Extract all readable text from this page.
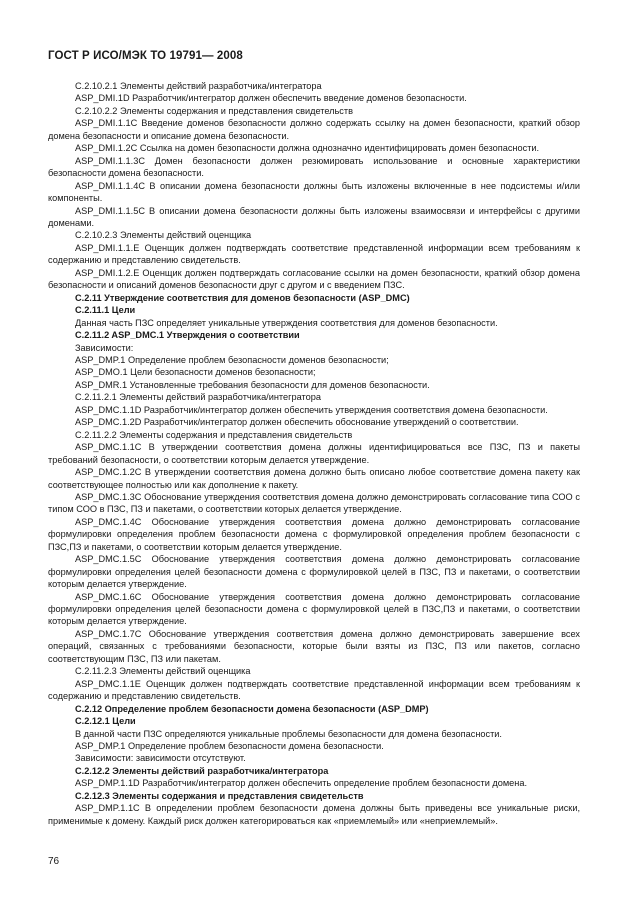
ГОСТ Р ИСО/МЭК ТО 19791— 2008

C.2.10.2.1 Элементы действий разработчика/интегратора

ASP_DMI.1D Разработчик/интегратор должен обеспечить введение доменов безопасности.

C.2.10.2.2 Элементы содержания и представления свидетельств

ASP_DMI.1.1C Введение доменов безопасности должно содержать ссылку на домен безопасности, краткий обзор домена безопасности и описание домена безопасности.

ASP_DMI.1.2C Ссылка на домен безопасности должна однозначно идентифицировать домен безопасности.

ASP_DMI.1.1.3C Домен безопасности должен резюмировать использование и основные характеристики безопасности домена безопасности.

ASP_DMI.1.1.4C В описании домена безопасности должны быть изложены включенные в нее подсистемы и/или компоненты.

ASP_DMI.1.1.5C В описании домена безопасности должны быть изложены взаимосвязи и интерфейсы с другими доменами.

C.2.10.2.3 Элементы действий оценщика

ASP_DMI.1.1.E Оценщик должен подтверждать соответствие представленной информации всем требованиям к содержанию и представлению свидетельств.

ASP_DMI.1.2.E Оценщик должен подтверждать согласование ссылки на домен безопасности, краткий обзор домена безопасности и описаний доменов безопасности друг с другом и с введением ПЗС.

C.2.11 Утверждение соответствия для доменов безопасности (ASP_DMC)

C.2.11.1 Цели

Данная часть ПЗС определяет уникальные утверждения соответствия для доменов безопасности.

C.2.11.2 ASP_DMC.1 Утверждения о соответствии

Зависимости:

ASP_DMP.1 Определение проблем безопасности доменов безопасности;

ASP_DMO.1 Цели безопасности доменов безопасности;

ASP_DMR.1 Установленные требования безопасности для доменов безопасности.

C.2.11.2.1 Элементы действий разработчика/интегратора

ASP_DMC.1.1D Разработчик/интегратор должен обеспечить утверждения соответствия домена безопасности.

ASP_DMC.1.2D Разработчик/интегратор должен обеспечить обоснование утверждений о соответствии.

C.2.11.2.2 Элементы содержания и представления свидетельств

ASP_DMC.1.1C В утверждении соответствия домена должны идентифицироваться все ПЗС, ПЗ и пакеты требований безопасности, о соответствии которым делается утверждение.

ASP_DMC.1.2C В утверждении соответствия домена должно быть описано любое соответствие домена пакету как соответствующее полностью или как дополнение к пакету.

ASP_DMC.1.3C Обоснование утверждения соответствия домена должно демонстрировать согласование типа СОО с типом СОО в ПЗС, ПЗ и пакетами, о соответствии которых делается утверждение.

ASP_DMC.1.4C Обоснование утверждения соответствия домена должно демонстрировать согласование формулировки определения проблем безопасности домена с формулировкой определения проблем безопасности с ПЗС,ПЗ и пакетами, о соответствии которым делается утверждение.

ASP_DMC.1.5C Обоснование утверждения соответствия домена должно демонстрировать согласование формулировки определения целей безопасности домена с формулировкой целей в ПЗС, ПЗ и пакетами, о соответствии которым делается утверждение.

ASP_DMC.1.6C Обоснование утверждения соответствия домена должно демонстрировать согласование формулировки определения целей безопасности домена с формулировкой целей в ПЗС,ПЗ и пакетами, о соответствии которым делается утверждение.

ASP_DMC.1.7C Обоснование утверждения соответствия домена должно демонстрировать завершение всех операций, связанных с требованиями безопасности, которые были взяты из ПЗС, ПЗ или пакетов, согласно соответствующим ПЗС, ПЗ или пакетам.

C.2.11.2.3 Элементы действий оценщика

ASP_DMC.1.1E Оценщик должен подтверждать соответствие представленной информации всем требованиям к содержанию и представлению свидетельств.

C.2.12 Определение проблем безопасности домена безопасности (ASP_DMP)

C.2.12.1 Цели

В данной части ПЗС определяются уникальные проблемы безопасности для домена безопасности.

ASP_DMP.1 Определение проблем безопасности домена безопасности.

Зависимости: зависимости отсутствуют.

C.2.12.2 Элементы действий разработчика/интегратора

ASP_DMP.1.1D Разработчик/интегратор должен обеспечить определение проблем безопасности домена.

C.2.12.3 Элементы содержания и представления свидетельств

ASP_DMP.1.1C В определении проблем безопасности домена должны быть приведены все уникальные риски, применимые к домену. Каждый риск должен категорироваться как «приемлемый» или «неприемлемый».

76
